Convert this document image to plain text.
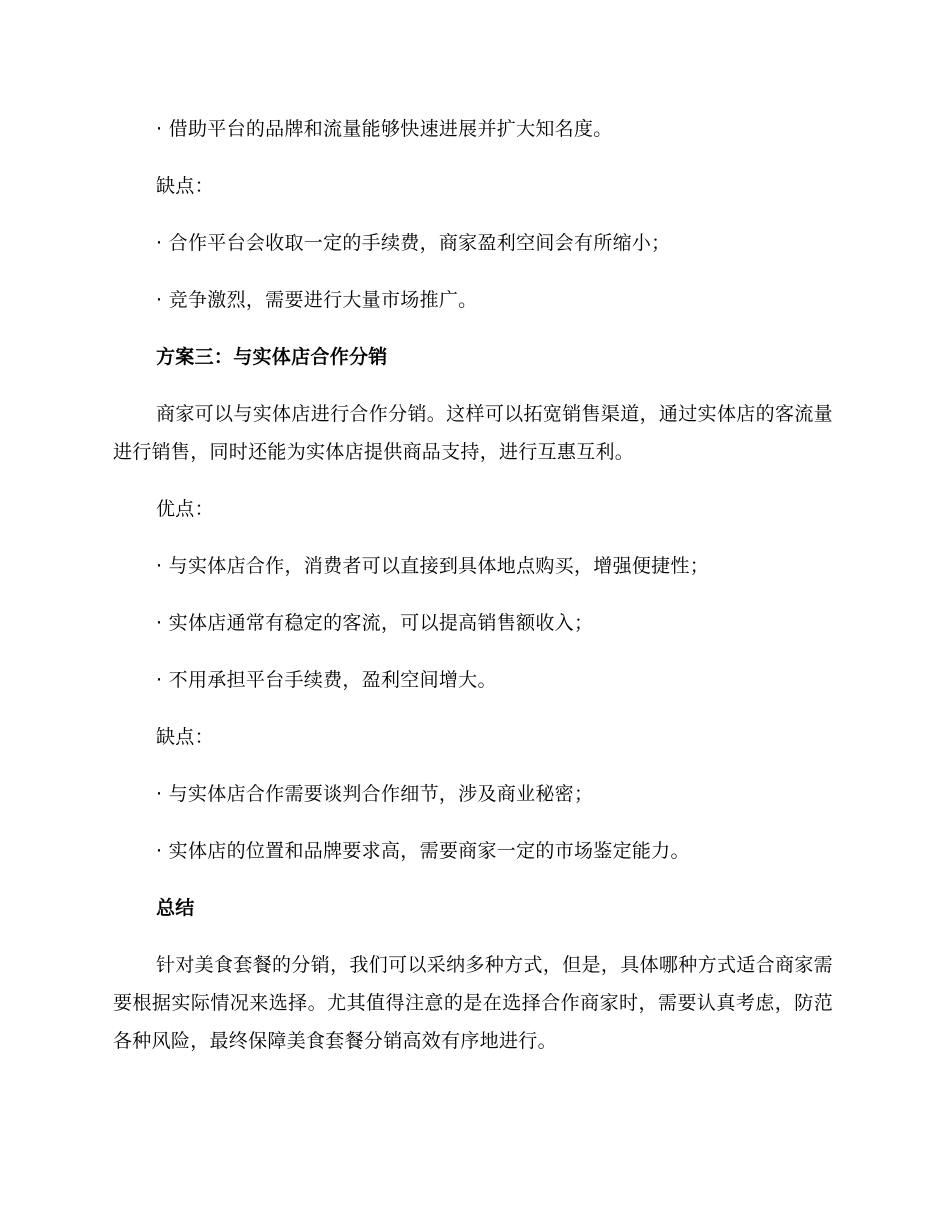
· 借助平台的品牌和流量能够快速进展并扩大知名度。

缺点：

· 合作平台会收取一定的手续费，商家盈利空间会有所缩小；

· 竞争激烈，需要进行大量市场推广。

方案三：与实体店合作分销

商家可以与实体店进行合作分销。这样可以拓宽销售渠道，通过实体店的客流量进行销售，同时还能为实体店提供商品支持，进行互惠互利。

优点：

· 与实体店合作，消费者可以直接到具体地点购买，增强便捷性；

· 实体店通常有稳定的客流，可以提高销售额收入；

· 不用承担平台手续费，盈利空间增大。

缺点：

· 与实体店合作需要谈判合作细节，涉及商业秘密；

· 实体店的位置和品牌要求高，需要商家一定的市场鉴定能力。

总结

针对美食套餐的分销，我们可以采纳多种方式，但是，具体哪种方式适合商家需要根据实际情况来选择。尤其值得注意的是在选择合作商家时，需要认真考虑，防范各种风险，最终保障美食套餐分销高效有序地进行。
